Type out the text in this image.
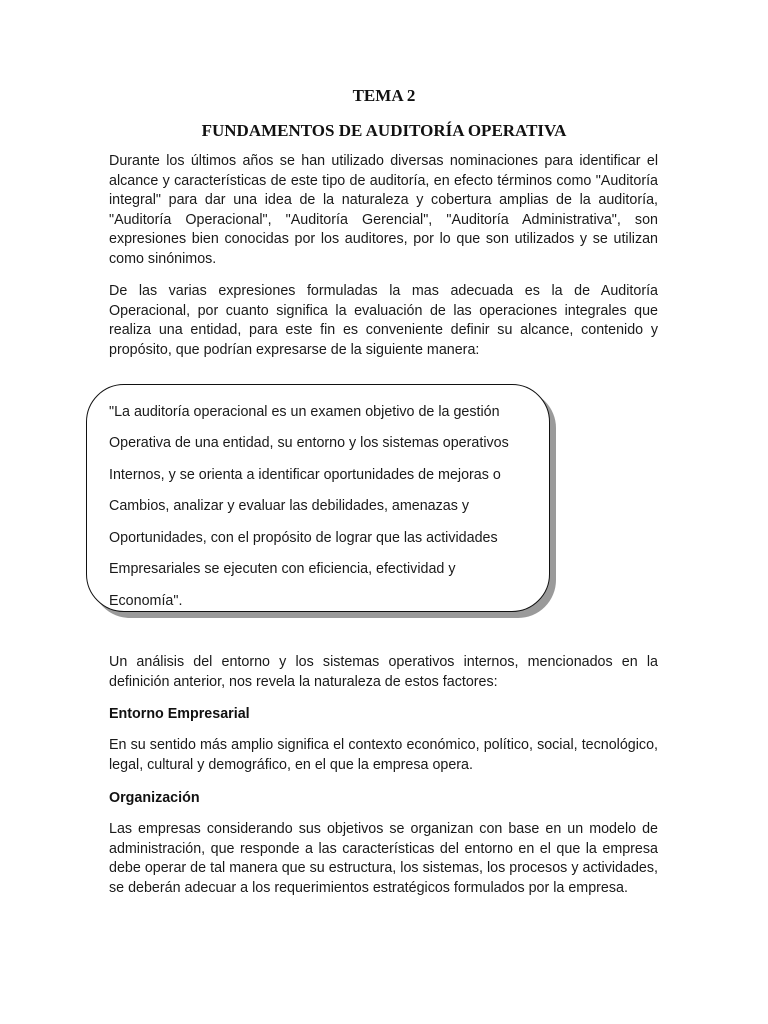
TEMA 2
FUNDAMENTOS DE AUDITORÍA OPERATIVA
Durante los últimos años se han utilizado diversas nominaciones para identificar el alcance y características de este tipo de auditoría, en efecto términos como "Auditoría integral" para dar una idea de la naturaleza y cobertura amplias de la auditoría, "Auditoría Operacional", "Auditoría Gerencial", "Auditoría Administrativa", son expresiones bien conocidas por los auditores, por lo que son utilizados y se utilizan como sinónimos.
De las varias expresiones formuladas la mas adecuada es la de Auditoría Operacional, por cuanto significa la evaluación de las operaciones integrales que realiza una entidad, para este fin es conveniente definir su alcance, contenido y propósito, que podrían expresarse de la siguiente manera:
"La auditoría operacional es un examen objetivo de la gestión
Operativa de una entidad, su entorno y los sistemas operativos
Internos, y se orienta a identificar oportunidades de mejoras o
Cambios, analizar y evaluar las debilidades, amenazas y
Oportunidades, con el propósito de lograr que las actividades
Empresariales se ejecuten con eficiencia, efectividad y
Economía".
Un análisis del entorno y los sistemas operativos internos, mencionados en la definición anterior, nos revela la naturaleza de estos factores:
Entorno Empresarial
En su sentido más amplio significa el contexto económico, político, social, tecnológico, legal, cultural y demográfico, en el que la empresa opera.
Organización
Las empresas considerando sus objetivos se organizan con base en un modelo de administración, que responde a las características del entorno en el que la empresa debe operar de tal manera que su estructura, los sistemas, los procesos y actividades, se deberán adecuar a los requerimientos estratégicos formulados por la empresa.
